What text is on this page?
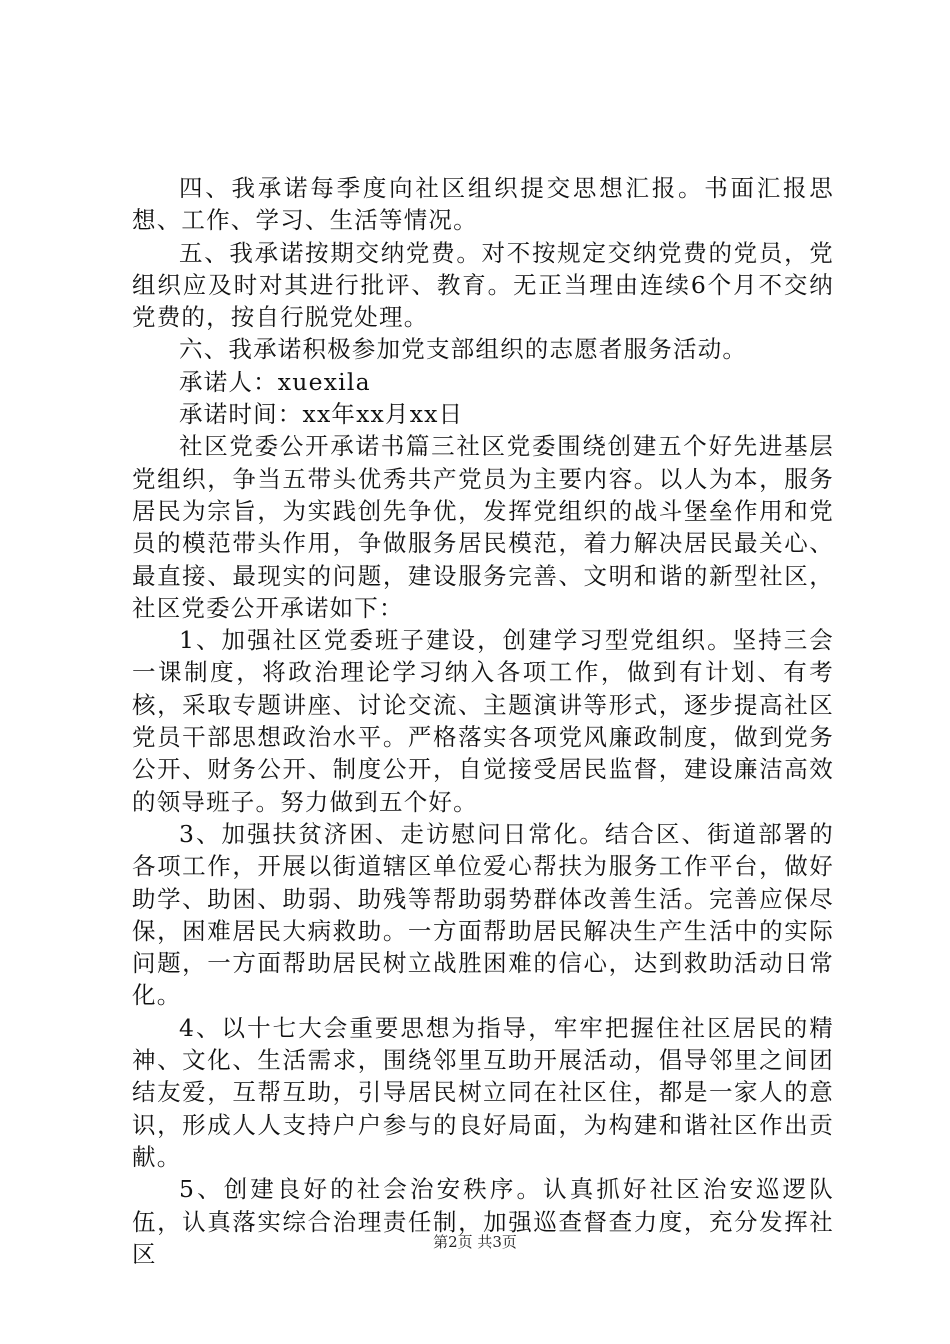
四、我承诺每季度向社区组织提交思想汇报。书面汇报思想、工作、学习、生活等情况。

五、我承诺按期交纳党费。对不按规定交纳党费的党员，党组织应及时对其进行批评、教育。无正当理由连续6个月不交纳党费的，按自行脱党处理。

六、我承诺积极参加党支部组织的志愿者服务活动。

承诺人：xuexila

承诺时间：xx年xx月xx日

社区党委公开承诺书篇三社区党委围绕创建五个好先进基层党组织，争当五带头优秀共产党员为主要内容。以人为本，服务居民为宗旨，为实践创先争优，发挥党组织的战斗堡垒作用和党员的模范带头作用，争做服务居民模范，着力解决居民最关心、最直接、最现实的问题，建设服务完善、文明和谐的新型社区，社区党委公开承诺如下：

1、加强社区党委班子建设，创建学习型党组织。坚持三会一课制度，将政治理论学习纳入各项工作，做到有计划、有考核，采取专题讲座、讨论交流、主题演讲等形式，逐步提高社区党员干部思想政治水平。严格落实各项党风廉政制度，做到党务公开、财务公开、制度公开，自觉接受居民监督，建设廉洁高效的领导班子。努力做到五个好。

3、加强扶贫济困、走访慰问日常化。结合区、街道部署的各项工作，开展以街道辖区单位爱心帮扶为服务工作平台，做好助学、助困、助弱、助残等帮助弱势群体改善生活。完善应保尽保，困难居民大病救助。一方面帮助居民解决生产生活中的实际问题，一方面帮助居民树立战胜困难的信心，达到救助活动日常化。

4、以十七大会重要思想为指导，牢牢把握住社区居民的精神、文化、生活需求，围绕邻里互助开展活动，倡导邻里之间团结友爱，互帮互助，引导居民树立同在社区住，都是一家人的意识，形成人人支持户户参与的良好局面，为构建和谐社区作出贡献。

5、创建良好的社会治安秩序。认真抓好社区治安巡逻队伍，认真落实综合治理责任制，加强巡查督查力度，充分发挥社区	第2页 共3页
